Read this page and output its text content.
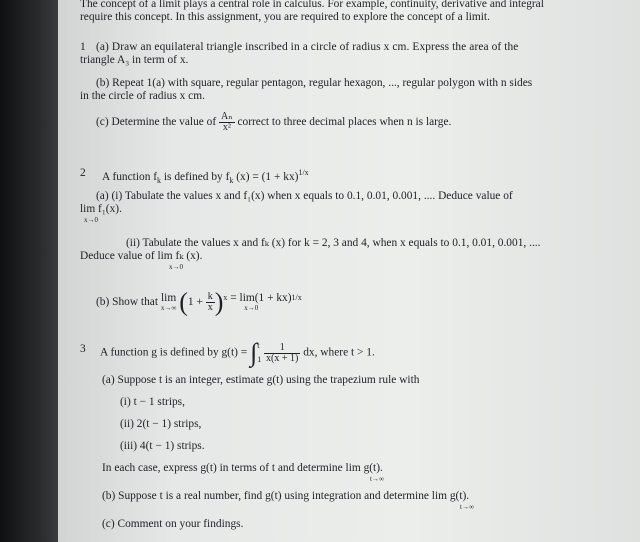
The concept of a limit plays a central role in calculus. For example, continuity, derivative and integral
require this concept. In this assignment, you are required to explore the concept of a limit.
1 (a) Draw an equilateral triangle inscribed in a circle of radius x cm. Express the area of the
triangle A₃ in term of x.
(b) Repeat 1(a) with square, regular pentagon, regular hexagon, ..., regular polygon with n sides
in the circle of radius x cm.
(c) Determine the value of $\frac{\text{Aₙ}}{\text{x²}}$ correct to three decimal places when n is large.
2 A function $f_k$ is defined by $f_k$ (x) = (1 + kx)$^{1/x}$
(a) (i) Tabulate the values x and f₁(x) when x equals to 0.1, 0.01, 0.001, .... Deduce value of
lim f₁(x).
x→0
(ii) Tabulate the values x and fₖ (x) for k = 2, 3 and 4, when x equals to 0.1, 0.01, 0.001, ....
Deduce value of lim fₖ (x).
x→0
(b) Show that lim
x→∞ $(1 + \frac{k}{x} )^x = \lim(1 + kx)$
x→0
$^{1/x}$
3 A function g is defined by g(t) = ∫ t
1
$\frac{1}{x(x + 1)}$ dx, where t > 1.
(a) Suppose t is an integer, estimate g(t) using the trapezium rule with
(i) t − 1 strips,
(ii) 2(t − 1) strips,
(iii) 4(t − 1) strips.
In each case, express g(t) in terms of t and determine lim g(t).
t→∞
(b) Suppose t is a real number, find g(t) using integration and determine lim g(t).
t→∞
(c) Comment on your findings.
